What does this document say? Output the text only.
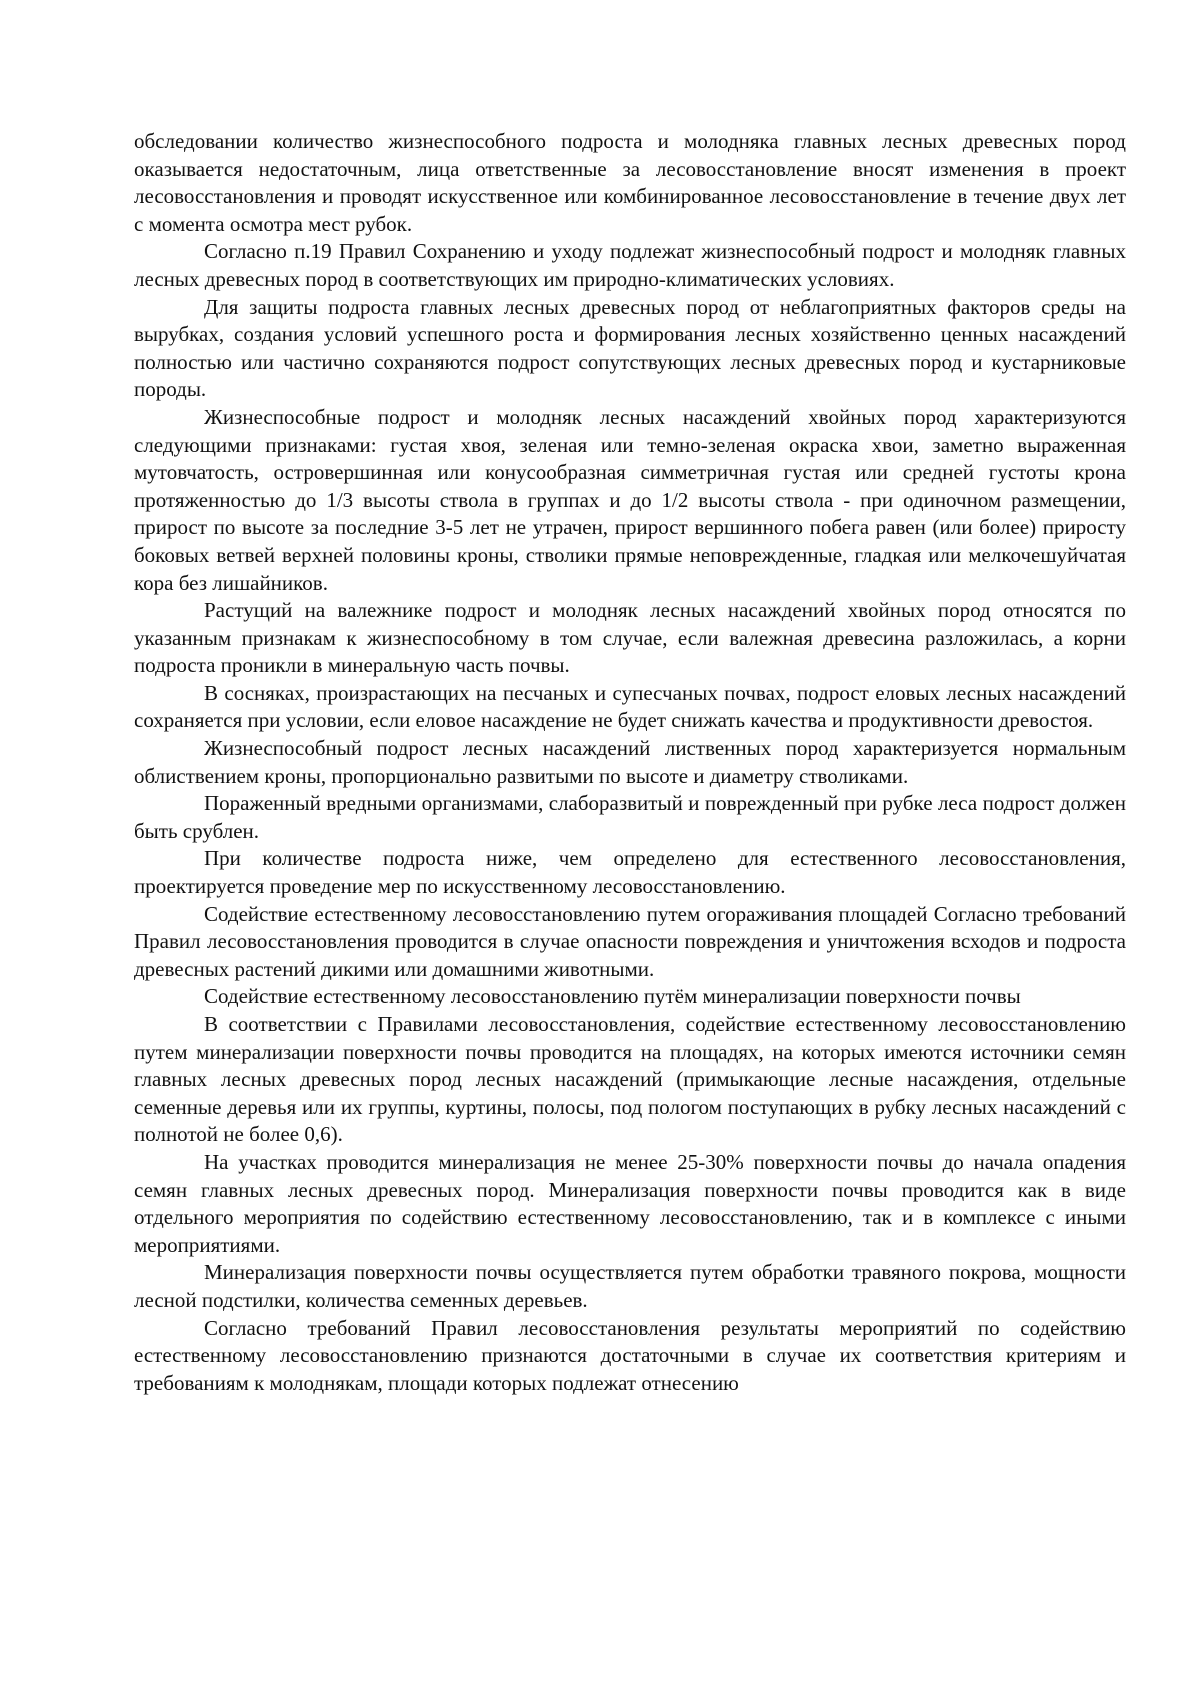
обследовании количество жизнеспособного подроста и молодняка главных лесных древесных пород оказывается недостаточным, лица ответственные за лесовосстановление вносят изменения в проект лесовосстановления и проводят искусственное или комбинированное лесовосстановление в течение двух лет с момента осмотра мест рубок.

Согласно п.19 Правил Сохранению и уходу подлежат жизнеспособный подрост и молодняк главных лесных древесных пород в соответствующих им природно-климатических условиях.

Для защиты подроста главных лесных древесных пород от неблагоприятных факторов среды на вырубках, создания условий успешного роста и формирования лесных хозяйственно ценных насаждений полностью или частично сохраняются подрост сопутствующих лесных древесных пород и кустарниковые породы.

Жизнеспособные подрост и молодняк лесных насаждений хвойных пород характеризуются следующими признаками: густая хвоя, зеленая или темно-зеленая окраска хвои, заметно выраженная мутовчатость, островершинная или конусообразная симметричная густая или средней густоты крона протяженностью до 1/3 высоты ствола в группах и до 1/2 высоты ствола - при одиночном размещении, прирост по высоте за последние 3-5 лет не утрачен, прирост вершинного побега равен (или более) приросту боковых ветвей верхней половины кроны, стволики прямые неповрежденные, гладкая или мелкочешуйчатая кора без лишайников.

Растущий на валежнике подрост и молодняк лесных насаждений хвойных пород относятся по указанным признакам к жизнеспособному в том случае, если валежная древесина разложилась, а корни подроста проникли в минеральную часть почвы.

В сосняках, произрастающих на песчаных и супесчаных почвах, подрост еловых лесных насаждений сохраняется при условии, если еловое насаждение не будет снижать качества и продуктивности древостоя.

Жизнеспособный подрост лесных насаждений лиственных пород характеризуется нормальным облиствением кроны, пропорционально развитыми по высоте и диаметру стволиками.

Пораженный вредными организмами, слаборазвитый и поврежденный при рубке леса подрост должен быть срублен.

При количестве подроста ниже, чем определено для естественного лесовосстановления, проектируется проведение мер по искусственному лесовосстановлению.

Содействие естественному лесовосстановлению путем огораживания площадей Согласно требований Правил лесовосстановления проводится в случае опасности повреждения и уничтожения всходов и подроста древесных растений дикими или домашними животными.

Содействие естественному лесовосстановлению путём минерализации поверхности почвы

В соответствии с Правилами лесовосстановления, содействие естественному лесовосстановлению путем минерализации поверхности почвы проводится на площадях, на которых имеются источники семян главных лесных древесных пород лесных насаждений (примыкающие лесные насаждения, отдельные семенные деревья или их группы, куртины, полосы, под пологом поступающих в рубку лесных насаждений с полнотой не более 0,6).

На участках проводится минерализация не менее 25-30% поверхности почвы до начала опадения семян главных лесных древесных пород. Минерализация поверхности почвы проводится как в виде отдельного мероприятия по содействию естественному лесовосстановлению, так и в комплексе с иными мероприятиями.

Минерализация поверхности почвы осуществляется путем обработки травяного покрова, мощности лесной подстилки, количества семенных деревьев.

Согласно требований Правил лесовосстановления результаты мероприятий по содействию естественному лесовосстановлению признаются достаточными в случае их соответствия критериям и требованиям к молоднякам, площади которых подлежат отнесению
